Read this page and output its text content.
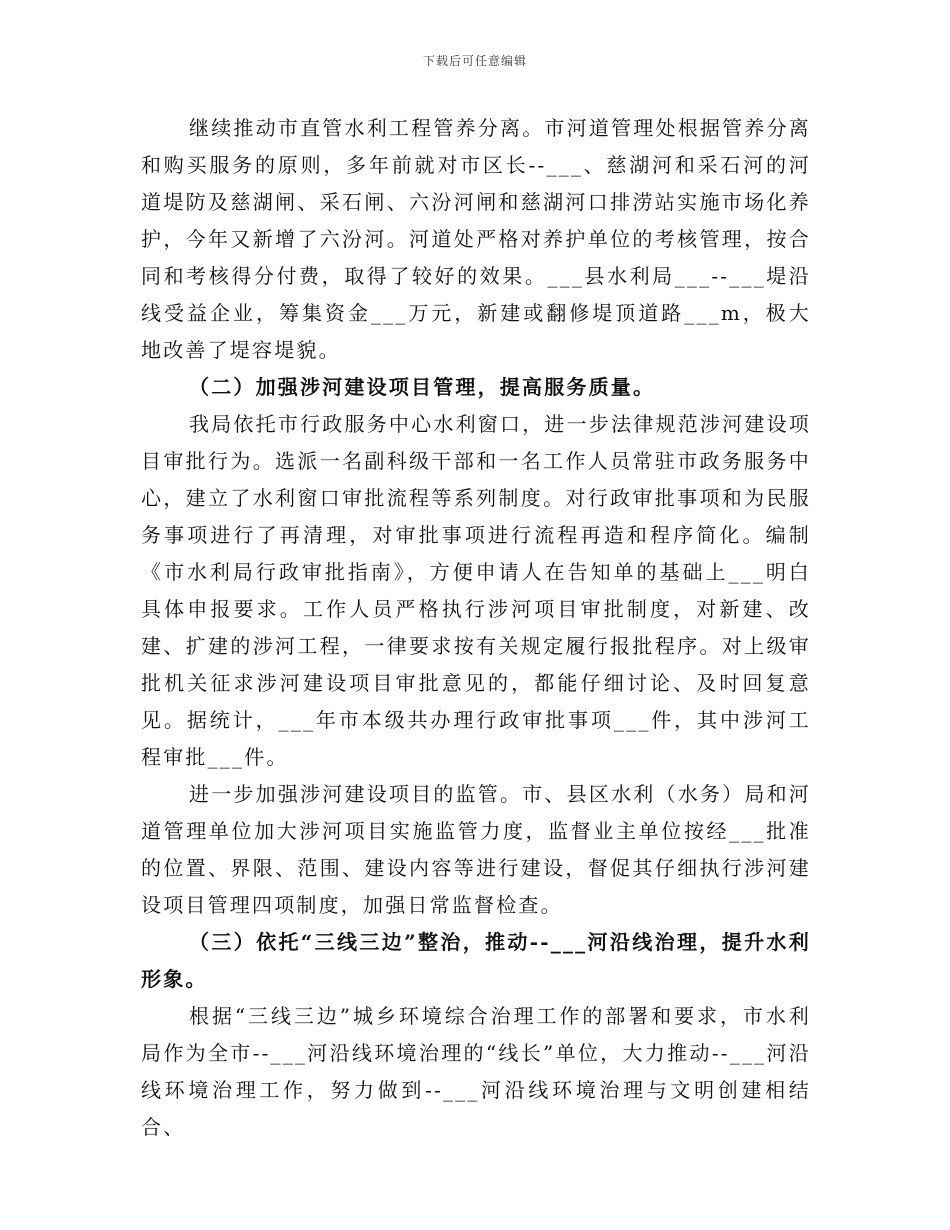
下载后可任意编辑

继续推动市直管水利工程管养分离。市河道管理处根据管养分离和购买服务的原则，多年前就对市区长--___、慈湖河和采石河的河道堤防及慈湖闸、采石闸、六汾河闸和慈湖河口排涝站实施市场化养护，今年又新增了六汾河。河道处严格对养护单位的考核管理，按合同和考核得分付费，取得了较好的效果。___县水利局___--___堤沿线受益企业，筹集资金___万元，新建或翻修堤顶道路___m，极大地改善了堤容堤貌。

（二）加强涉河建设项目管理，提高服务质量。

我局依托市行政服务中心水利窗口，进一步法律规范涉河建设项目审批行为。选派一名副科级干部和一名工作人员常驻市政务服务中心，建立了水利窗口审批流程等系列制度。对行政审批事项和为民服务事项进行了再清理，对审批事项进行流程再造和程序简化。编制《市水利局行政审批指南》，方便申请人在告知单的基础上___明白具体申报要求。工作人员严格执行涉河项目审批制度，对新建、改建、扩建的涉河工程，一律要求按有关规定履行报批程序。对上级审批机关征求涉河建设项目审批意见的，都能仔细讨论、及时回复意见。据统计，___年市本级共办理行政审批事项___件，其中涉河工程审批___件。

进一步加强涉河建设项目的监管。市、县区水利（水务）局和河道管理单位加大涉河项目实施监管力度，监督业主单位按经___批准的位置、界限、范围、建设内容等进行建设，督促其仔细执行涉河建设项目管理四项制度，加强日常监督检查。

（三）依托“三线三边”整治，推动--___河沿线治理，提升水利形象。

根据“三线三边”城乡环境综合治理工作的部署和要求，市水利局作为全市--___河沿线环境治理的“线长”单位，大力推动--___河沿线环境治理工作，努力做到--___河沿线环境治理与文明创建相结合、
